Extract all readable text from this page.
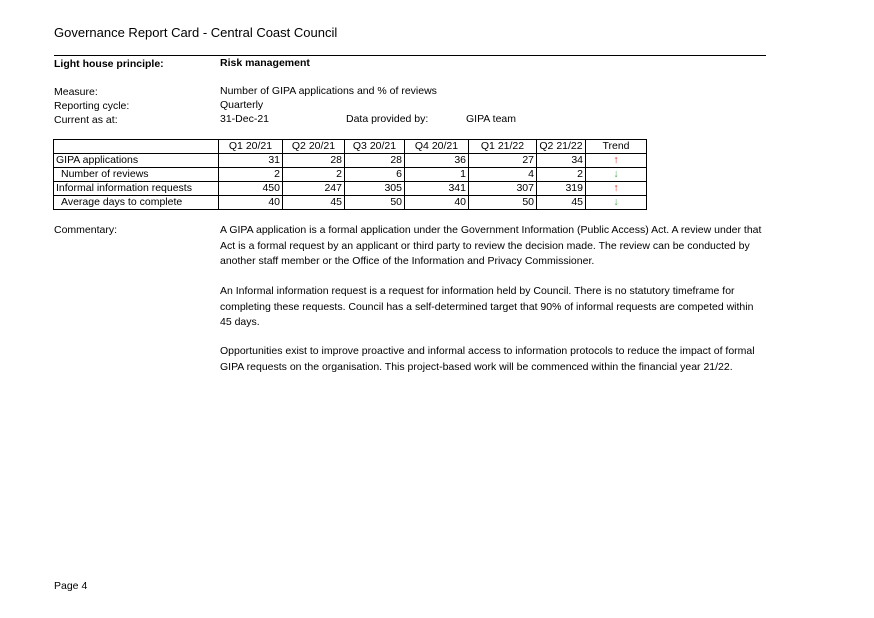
Governance Report Card - Central Coast Council
Light house principle:	Risk management
Measure:	Number of GIPA applications and % of reviews
Reporting cycle:	Quarterly
Current as at:	31-Dec-21	Data provided by:	GIPA team
	Q1 20/21	Q2 20/21	Q3 20/21	Q4 20/21	Q1 21/22	Q2 21/22	Trend
GIPA applications	31	28	28	36	27	34	↑
Number of reviews	2	2	6	1	4	2	↓
Informal information requests	450	247	305	341	307	319	↑
Average days to complete	40	45	50	40	50	45	↓
Commentary:	A GIPA application is a formal application under the Government Information (Public Access) Act. A review under that Act is a formal request by an applicant or third party to review the decision made. The review can be conducted by another staff member or the Office of the Information and Privacy Commissioner.
An Informal information request is a request for information held by Council. There is no statutory timeframe for completing these requests. Council has a self-determined target that 90% of informal requests are competed within 45 days.
Opportunities exist to improve proactive and informal access to information protocols to reduce the impact of formal GIPA requests on the organisation. This project-based work will be commenced within the financial year 21/22.
Page 4
